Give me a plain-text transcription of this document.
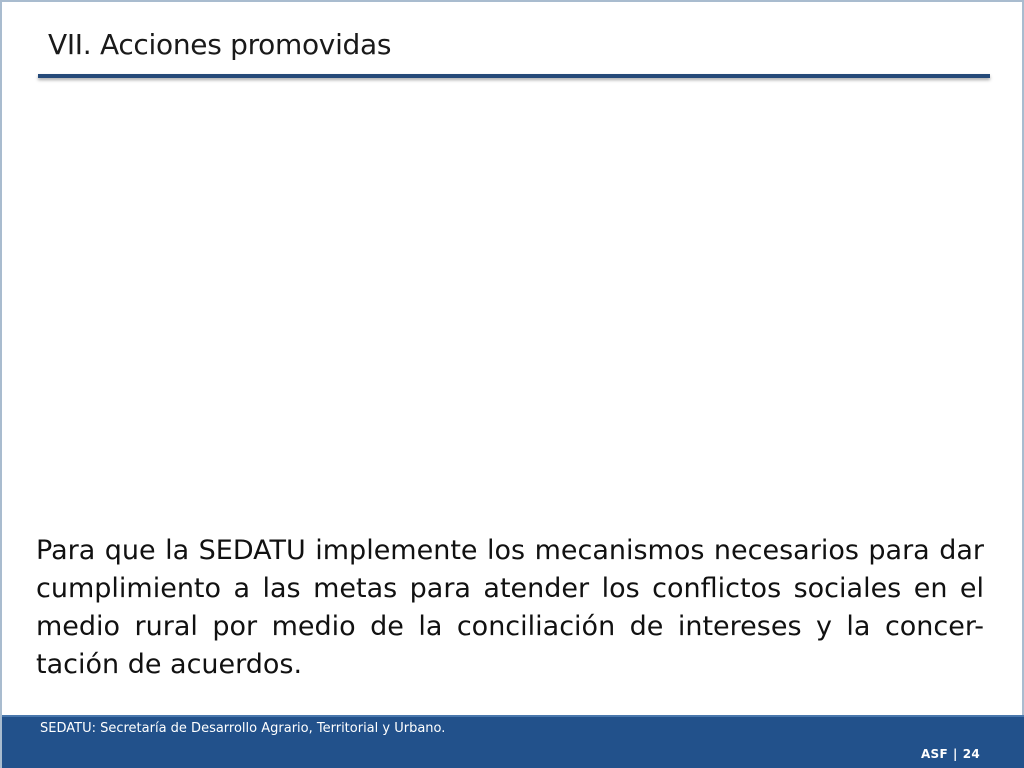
VII. Acciones promovidas

Para que la SEDATU implemente los mecanismos necesarios para dar cumplimiento a las metas para atender los conflictos sociales en el medio rural por medio de la conciliación de intereses y la concer-tación de acuerdos.

SEDATU: Secretaría de Desarrollo Agrario, Territorial y Urbano.
ASF | 24
